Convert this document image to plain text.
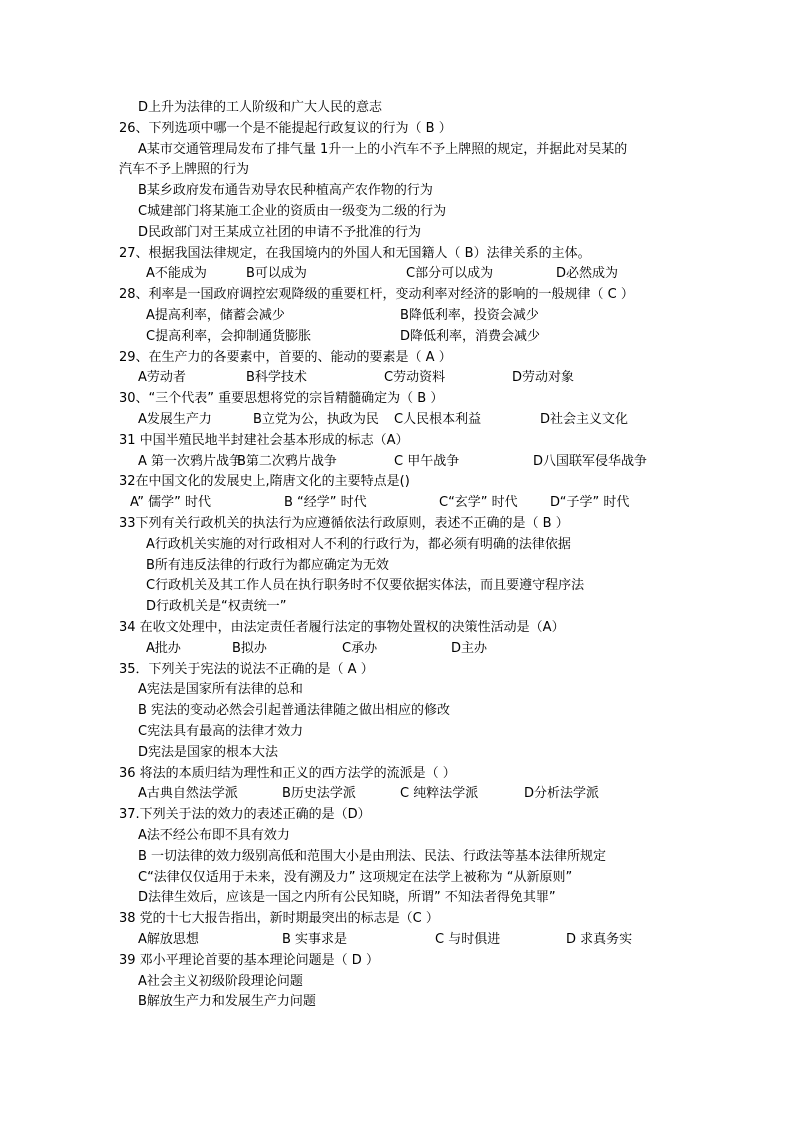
D上升为法律的工人阶级和广大人民的意志
26、下列选项中哪一个是不能提起行政复议的行为（ B ）
A某市交通管理局发布了排气量 1升一上的小汽车不予上牌照的规定，并据此对吴某的
汽车不予上牌照的行为
B某乡政府发布通告劝导农民种植高产农作物的行为
C城建部门将某施工企业的资质由一级变为二级的行为
D民政部门对王某成立社团的申请不予批准的行为
27、根据我国法律规定，在我国境内的外国人和无国籍人（ B）法律关系的主体。
A不能成为	B可以成为	C部分可以成为	D必然成为
28、利率是一国政府调控宏观降级的重要杠杆，变动利率对经济的影响的一般规律（ C ）
A提高利率，储蓄会减少	B降低利率，投资会减少
C提高利率，会抑制通货膨胀	D降低利率，消费会减少
29、在生产力的各要素中，首要的、能动的要素是（ A ）
A劳动者	B科学技术	C劳动资料	D劳动对象
30、“三个代表” 重要思想将党的宗旨精髓确定为（ B ）
A发展生产力	B立党为公，执政为民 C人民根本利益	D社会主义文化
31 中国半殖民地半封建社会基本形成的标志（A）
A 第一次鸦片战争
B第二次鸦片战争	C 甲午战争	D八国联军侵华战争
32在中国文化的发展史上,隋唐文化的主要特点是()
A” 儒学” 时代	B “经学” 时代	C“玄学” 时代 D“子学” 时代
33下列有关行政机关的执法行为应遵循依法行政原则，表述不正确的是（ B ）
A行政机关实施的对行政相对人不利的行政行为，都必须有明确的法律依据
B所有违反法律的行政行为都应确定为无效
C行政机关及其工作人员在执行职务时不仅要依据实体法，而且要遵守程序法
D行政机关是“权责统一”
34 在收文处理中，由法定责任者履行法定的事物处置权的决策性活动是（A）
A批办	B拟办	C承办	D主办
35．下列关于宪法的说法不正确的是（ A ）
A宪法是国家所有法律的总和
B 宪法的变动必然会引起普通法律随之做出相应的修改
C宪法具有最高的法律才效力
D宪法是国家的根本大法
36 将法的本质归结为理性和正义的西方法学的流派是（ ）
A古典自然法学派	B历史法学派	C 纯粹法学派	D分析法学派
37.下列关于法的效力的表述正确的是（D）
A法不经公布即不具有效力
B 一切法律的效力级别高低和范围大小是由刑法、民法、行政法等基本法律所规定
C“法律仅仅适用于未来，没有溯及力” 这项规定在法学上被称为 “从新原则”
D法律生效后，应该是一国之内所有公民知晓，所谓” 不知法者得免其罪”
38 党的十七大报告指出，新时期最突出的标志是（C ）
A解放思想	B 实事求是	C 与时俱进	D 求真务实
39 邓小平理论首要的基本理论问题是（ D ）
A社会主义初级阶段理论问题
B解放生产力和发展生产力问题
